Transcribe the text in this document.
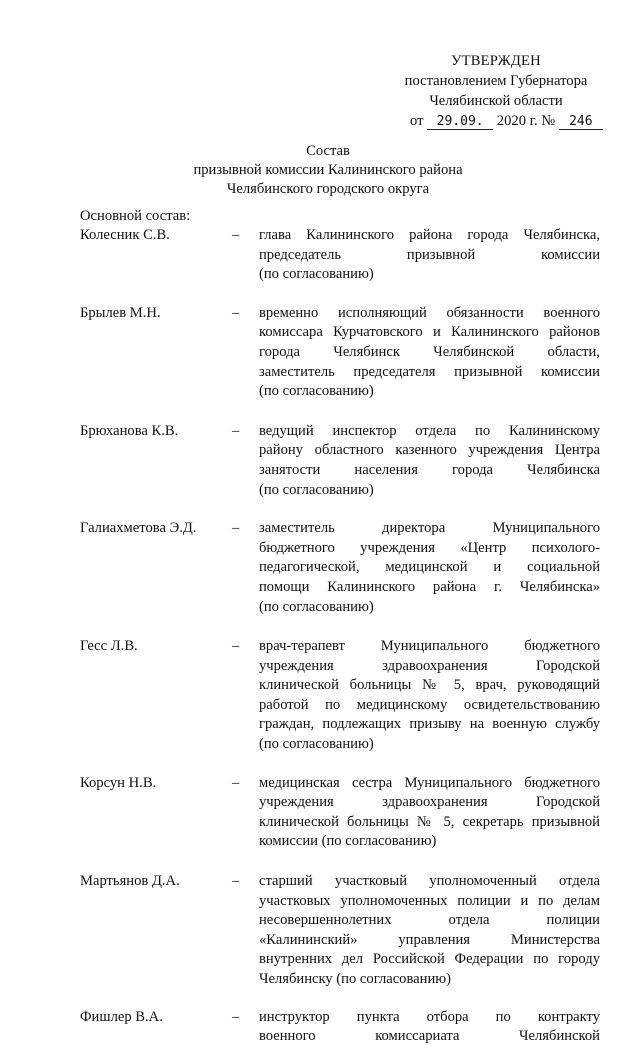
УТВЕРЖДЕН
постановлением Губернатора
Челябинской области
от 29.09. 2020 г. № 246
Состав
призывной комиссии Калининского района
Челябинского городского округа
Основной состав:
Колесник С.В.	–	глава Калининского района города Челябинска,
председатель призывной комиссии
(по согласованию)
Брылев М.Н.	–	временно исполняющий обязанности военного
комиссара Курчатовского и Калининского районов
города Челябинск Челябинской области,
заместитель председателя призывной комиссии
(по согласованию)
Брюханова К.В.	–	ведущий инспектор отдела по Калининскому
району областного казенного учреждения Центра
занятости населения города Челябинска
(по согласованию)
Галиахметова Э.Д.	–	заместитель директора Муниципального
бюджетного учреждения «Центр психолого-
педагогической, медицинской и социальной
помощи Калининского района г. Челябинска»
(по согласованию)
Гесс Л.В.	–	врач-терапевт Муниципального бюджетного
учреждения здравоохранения Городской
клинической больницы № 5, врач, руководящий
работой по медицинскому освидетельствованию
граждан, подлежащих призыву на военную службу
(по согласованию)
Корсун Н.В.	–	медицинская сестра Муниципального бюджетного
учреждения здравоохранения Городской
клинической больницы № 5, секретарь призывной
комиссии (по согласованию)
Мартьянов Д.А.	–	старший участковый уполномоченный отдела
участковых уполномоченных полиции и по делам
несовершеннолетних отдела полиции
«Калининский» управления Министерства
внутренних дел Российской Федерации по городу
Челябинску (по согласованию)
Фишлер В.А.	–	инструктор пункта отбора по контракту
военного комиссариата Челябинской
